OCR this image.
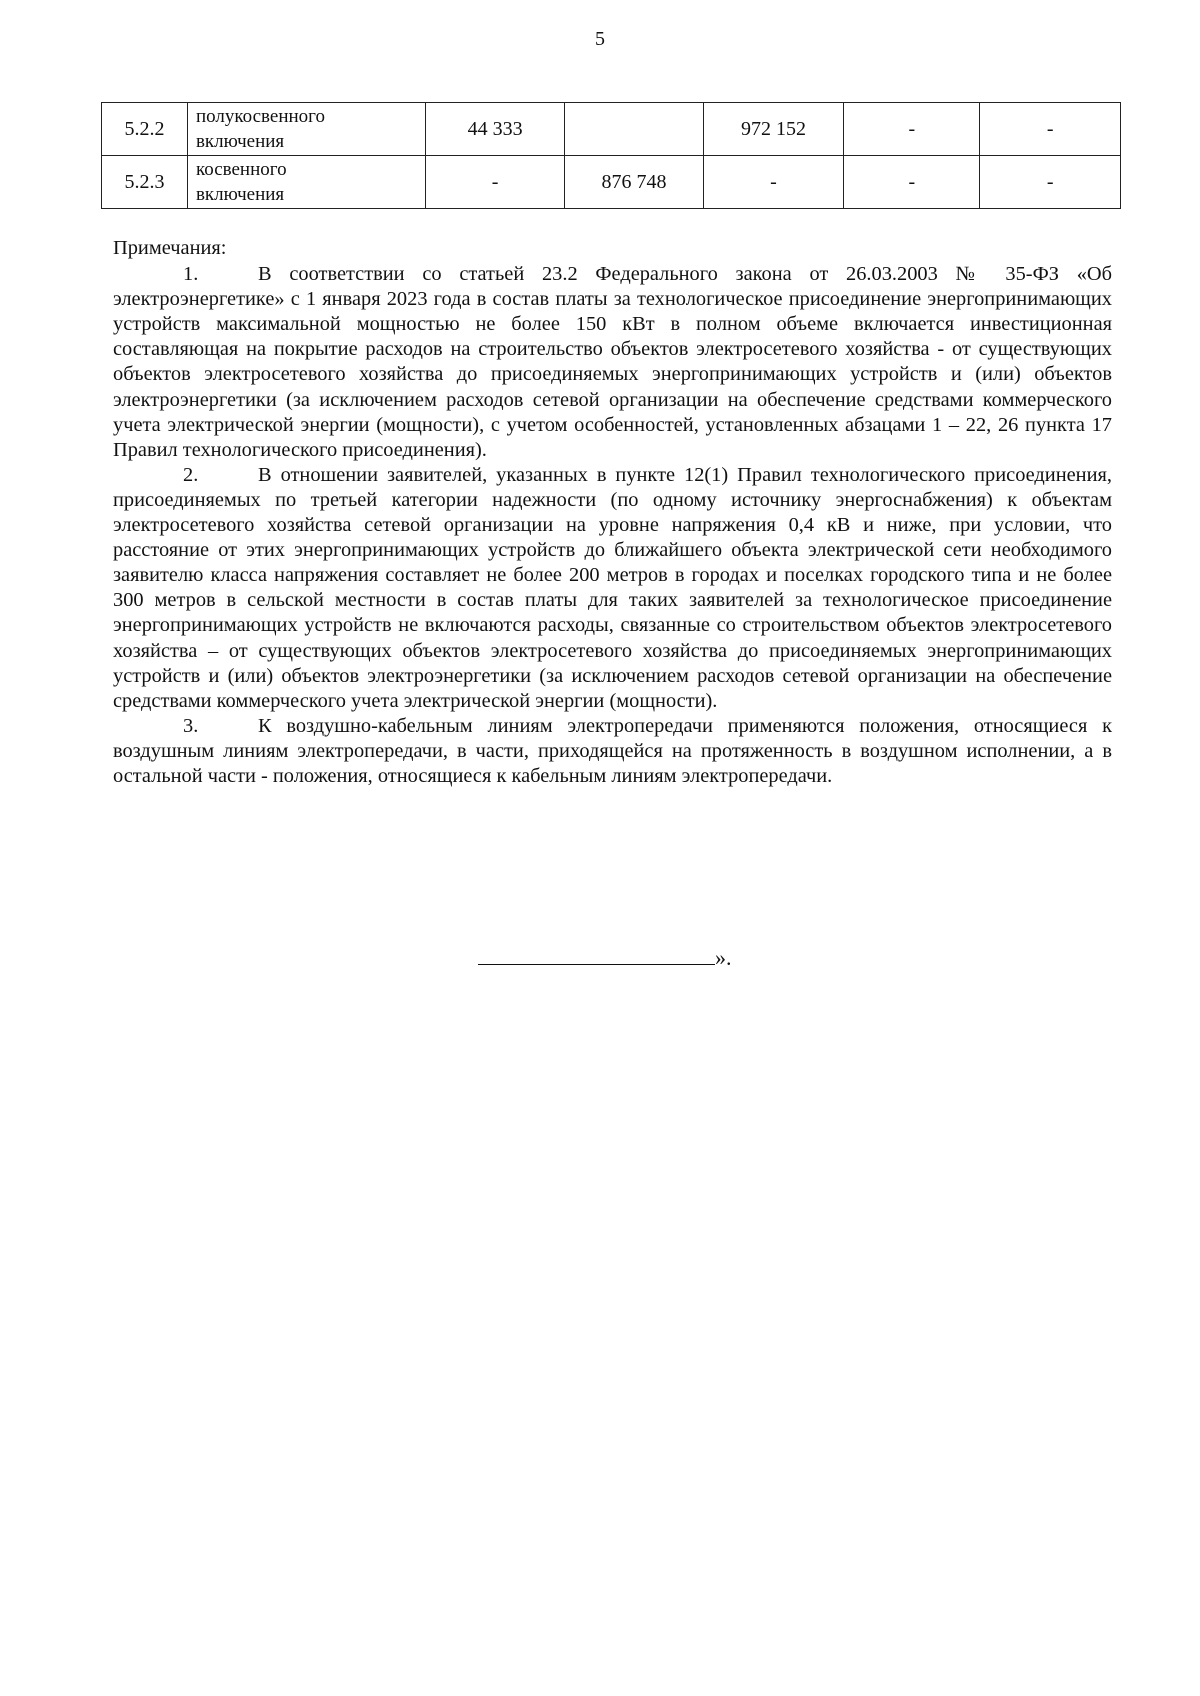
5
5.2.2	полукосвенного
включения	44 333		972 152	-	-
5.2.3	косвенного
включения	-	876 748	-	-	-
Примечания:

1.	В соответствии со статьей 23.2 Федерального закона от 26.03.2003 № 35-ФЗ «Об электроэнергетике» с 1 января 2023 года в состав платы за технологическое присоединение энергопринимающих устройств максимальной мощностью не более 150 кВт в полном объеме включается инвестиционная составляющая на покрытие расходов на строительство объектов электросетевого хозяйства - от существующих объектов электросетевого хозяйства до присоединяемых энергопринимающих устройств и (или) объектов электроэнергетики (за исключением расходов сетевой организации на обеспечение средствами коммерческого учета электрической энергии (мощности), с учетом особенностей, установленных абзацами 1 – 22, 26 пункта 17 Правил технологического присоединения).

2.	В отношении заявителей, указанных в пункте 12(1) Правил технологического присоединения, присоединяемых по третьей категории надежности (по одному источнику энергоснабжения) к объектам электросетевого хозяйства сетевой организации на уровне напряжения 0,4 кВ и ниже, при условии, что расстояние от этих энергопринимающих устройств до ближайшего объекта электрической сети необходимого заявителю класса напряжения составляет не более 200 метров в городах и поселках городского типа и не более 300 метров в сельской местности в состав платы для таких заявителей за технологическое присоединение энергопринимающих устройств не включаются расходы, связанные со строительством объектов электросетевого хозяйства – от существующих объектов электросетевого хозяйства до присоединяемых энергопринимающих устройств и (или) объектов электроэнергетики (за исключением расходов сетевой организации на обеспечение средствами коммерческого учета электрической энергии (мощности).

3.	К воздушно-кабельным линиям электропередачи применяются положения, относящиеся к воздушным линиям электропередачи, в части, приходящейся на протяженность в воздушном исполнении, а в остальной части - положения, относящиеся к кабельным линиям электропередачи.

».
